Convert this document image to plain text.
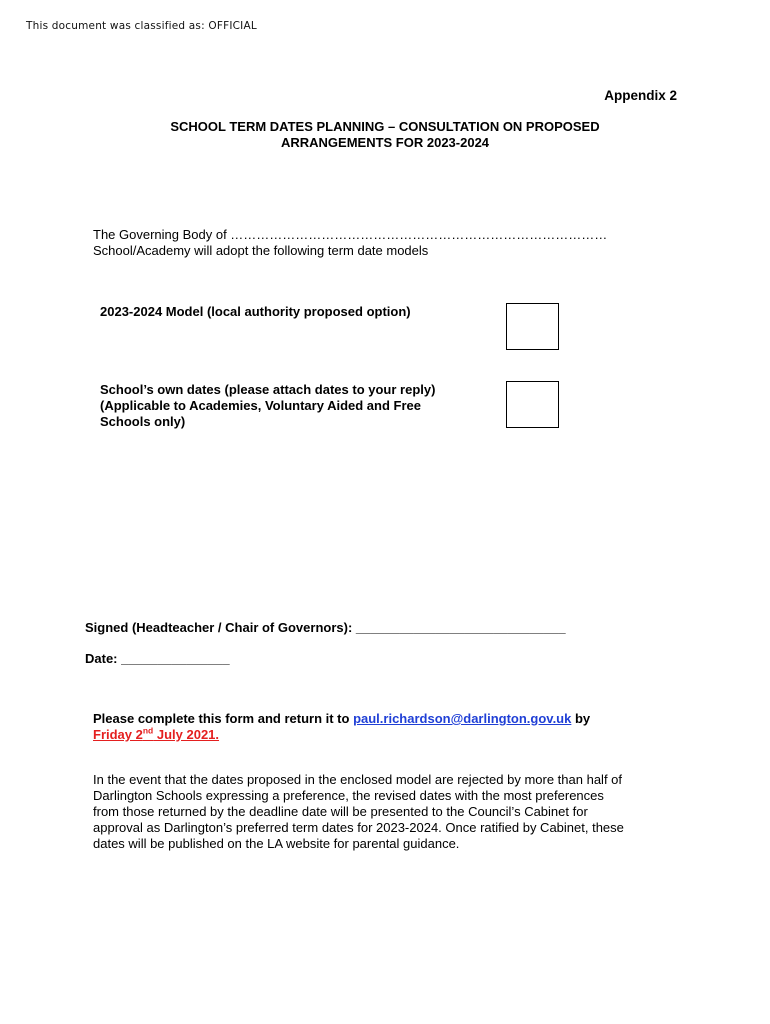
This document was classified as: OFFICIAL
Appendix 2
SCHOOL TERM DATES PLANNING – CONSULTATION ON PROPOSED
ARRANGEMENTS FOR 2023-2024
The Governing Body of ……………………………………………………………………………
School/Academy will adopt the following term date models
2023-2024 Model (local authority proposed option)
School’s own dates (please attach dates to your reply)
(Applicable to Academies, Voluntary Aided and Free
Schools only)
Signed (Headteacher / Chair of Governors): _____________________________
Date: _______________
Please complete this form and return it to paul.richardson@darlington.gov.uk by
Friday 2nd July 2021.
In the event that the dates proposed in the enclosed model are rejected by more than half of
Darlington Schools expressing a preference, the revised dates with the most preferences
from those returned by the deadline date will be presented to the Council’s Cabinet for
approval as Darlington’s preferred term dates for 2023-2024. Once ratified by Cabinet, these
dates will be published on the LA website for parental guidance.
